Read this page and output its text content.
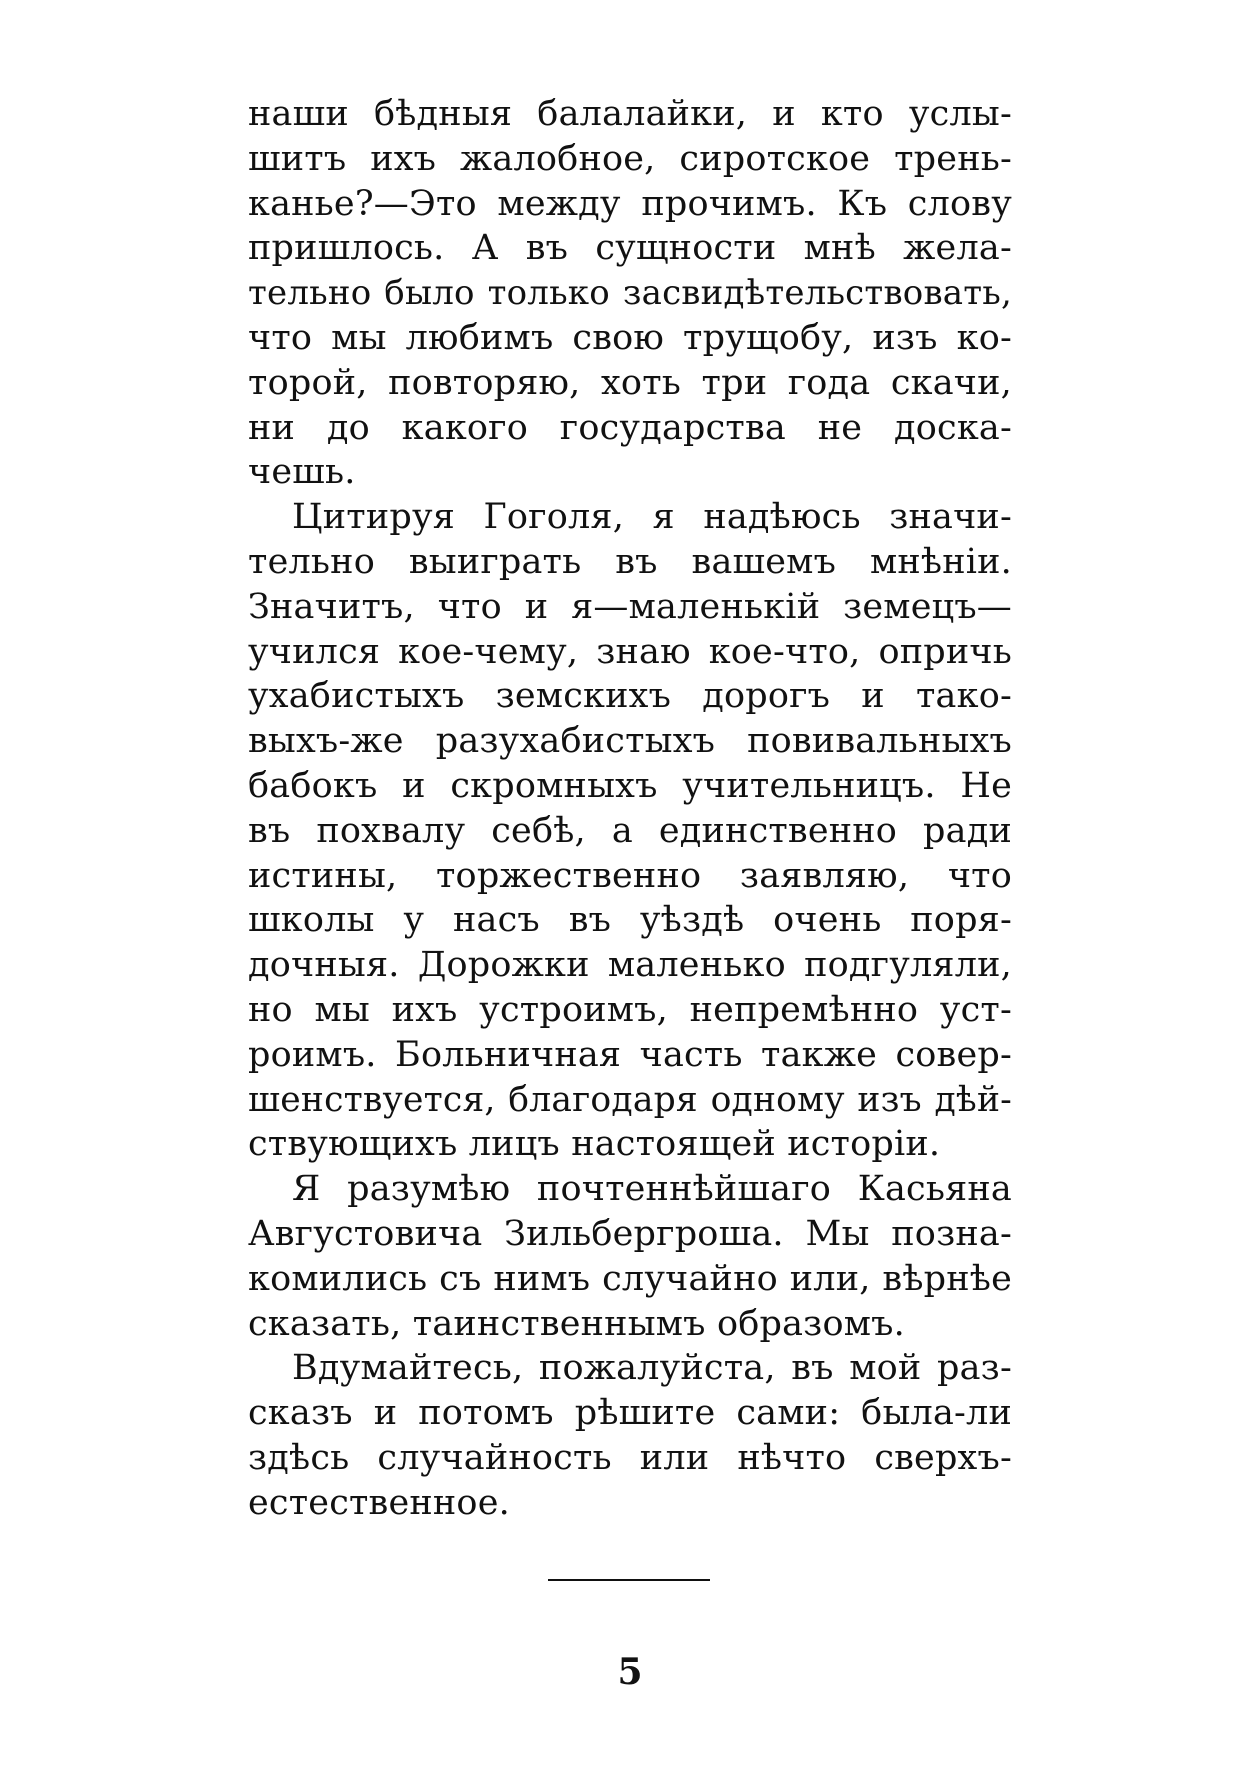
наши бѣдныя балалайки, и кто услы-
шитъ ихъ жалобное, сиротское трень-
канье?—Это между прочимъ. Къ слову
пришлось. А въ сущности мнѣ жела-
тельно было только засвидѣтельствовать,
что мы любимъ свою трущобу, изъ ко-
торой, повторяю, хоть три года скачи,
ни до какого государства не доска-
чешь.
Цитируя Гоголя, я надѣюсь значи-
тельно выиграть въ вашемъ мнѣніи.
Значитъ, что и я—маленькій земецъ—
учился кое-чему, знаю кое-что, опричь
ухабистыхъ земскихъ дорогъ и тако-
выхъ-же разухабистыхъ повивальныхъ
бабокъ и скромныхъ учительницъ. Не
въ похвалу себѣ, а единственно ради
истины, торжественно заявляю, что
школы у насъ въ уѣздѣ очень поря-
дочныя. Дорожки маленько подгуляли,
но мы ихъ устроимъ, непремѣнно уст-
роимъ. Больничная часть также совер-
шенствуется, благодаря одному изъ дѣй-
ствующихъ лицъ настоящей исторіи.
Я разумѣю почтеннѣйшаго Касьяна
Августовича Зильбергроша. Мы позна-
комились съ нимъ случайно или, вѣрнѣе
сказать, таинственнымъ образомъ.
Вдумайтесь, пожалуйста, въ мой раз-
сказъ и потомъ рѣшите сами: была-ли
здѣсь случайность или нѣчто сверхъ-
естественное.
5
